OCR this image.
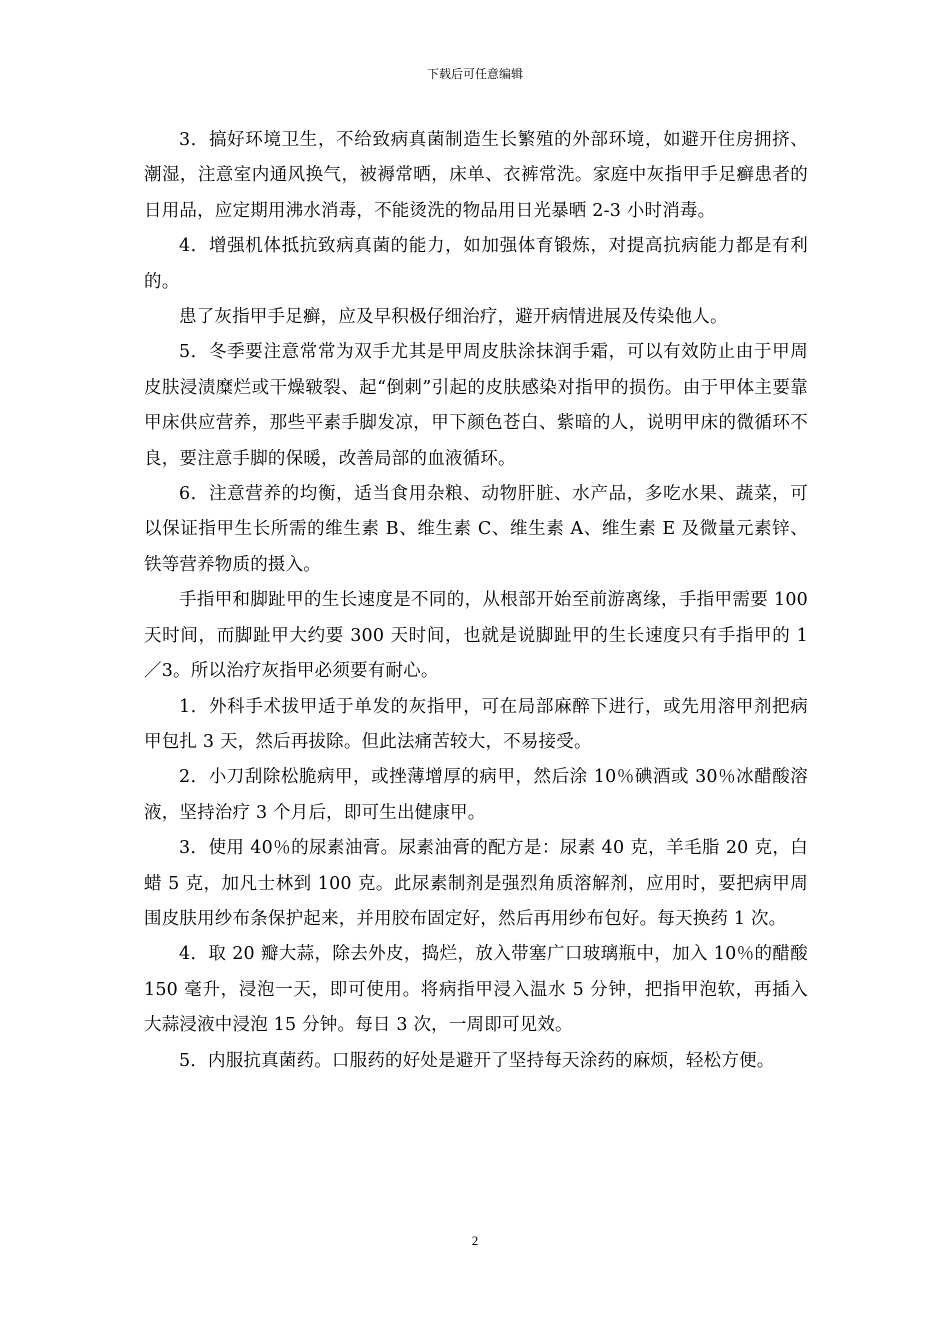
下载后可任意编辑

3．搞好环境卫生，不给致病真菌制造生长繁殖的外部环境，如避开住房拥挤、潮湿，注意室内通风换气，被褥常晒，床单、衣裤常洗。家庭中灰指甲手足癣患者的日用品，应定期用沸水消毒，不能烫洗的物品用日光暴晒 2-3 小时消毒。

4．增强机体抵抗致病真菌的能力，如加强体育锻炼，对提高抗病能力都是有利的。

患了灰指甲手足癣，应及早积极仔细治疗，避开病情进展及传染他人。

5．冬季要注意常常为双手尤其是甲周皮肤涂抹润手霜，可以有效防止由于甲周皮肤浸渍糜烂或干燥皲裂、起“倒刺”引起的皮肤感染对指甲的损伤。由于甲体主要靠甲床供应营养，那些平素手脚发凉，甲下颜色苍白、紫暗的人，说明甲床的微循环不良，要注意手脚的保暖，改善局部的血液循环。

6．注意营养的均衡，适当食用杂粮、动物肝脏、水产品，多吃水果、蔬菜，可以保证指甲生长所需的维生素 B、维生素 C、维生素 A、维生素 E 及微量元素锌、铁等营养物质的摄入。

手指甲和脚趾甲的生长速度是不同的，从根部开始至前游离缘，手指甲需要 100 天时间，而脚趾甲大约要 300 天时间，也就是说脚趾甲的生长速度只有手指甲的 1／3。所以治疗灰指甲必须要有耐心。

1．外科手术拔甲适于单发的灰指甲，可在局部麻醉下进行，或先用溶甲剂把病甲包扎 3 天，然后再拔除。但此法痛苦较大，不易接受。

2．小刀刮除松脆病甲，或挫薄增厚的病甲，然后涂 10％碘酒或 30％冰醋酸溶液，坚持治疗 3 个月后，即可生出健康甲。

3．使用 40％的尿素油膏。尿素油膏的配方是：尿素 40 克，羊毛脂 20 克，白蜡 5 克，加凡士林到 100 克。此尿素制剂是强烈角质溶解剂，应用时，要把病甲周围皮肤用纱布条保护起来，并用胶布固定好，然后再用纱布包好。每天换药 1 次。

4．取 20 瓣大蒜，除去外皮，捣烂，放入带塞广口玻璃瓶中，加入 10％的醋酸 150 毫升，浸泡一天，即可使用。将病指甲浸入温水 5 分钟，把指甲泡软，再插入大蒜浸液中浸泡 15 分钟。每日 3 次，一周即可见效。

5．内服抗真菌药。口服药的好处是避开了坚持每天涂药的麻烦，轻松方便。

2
